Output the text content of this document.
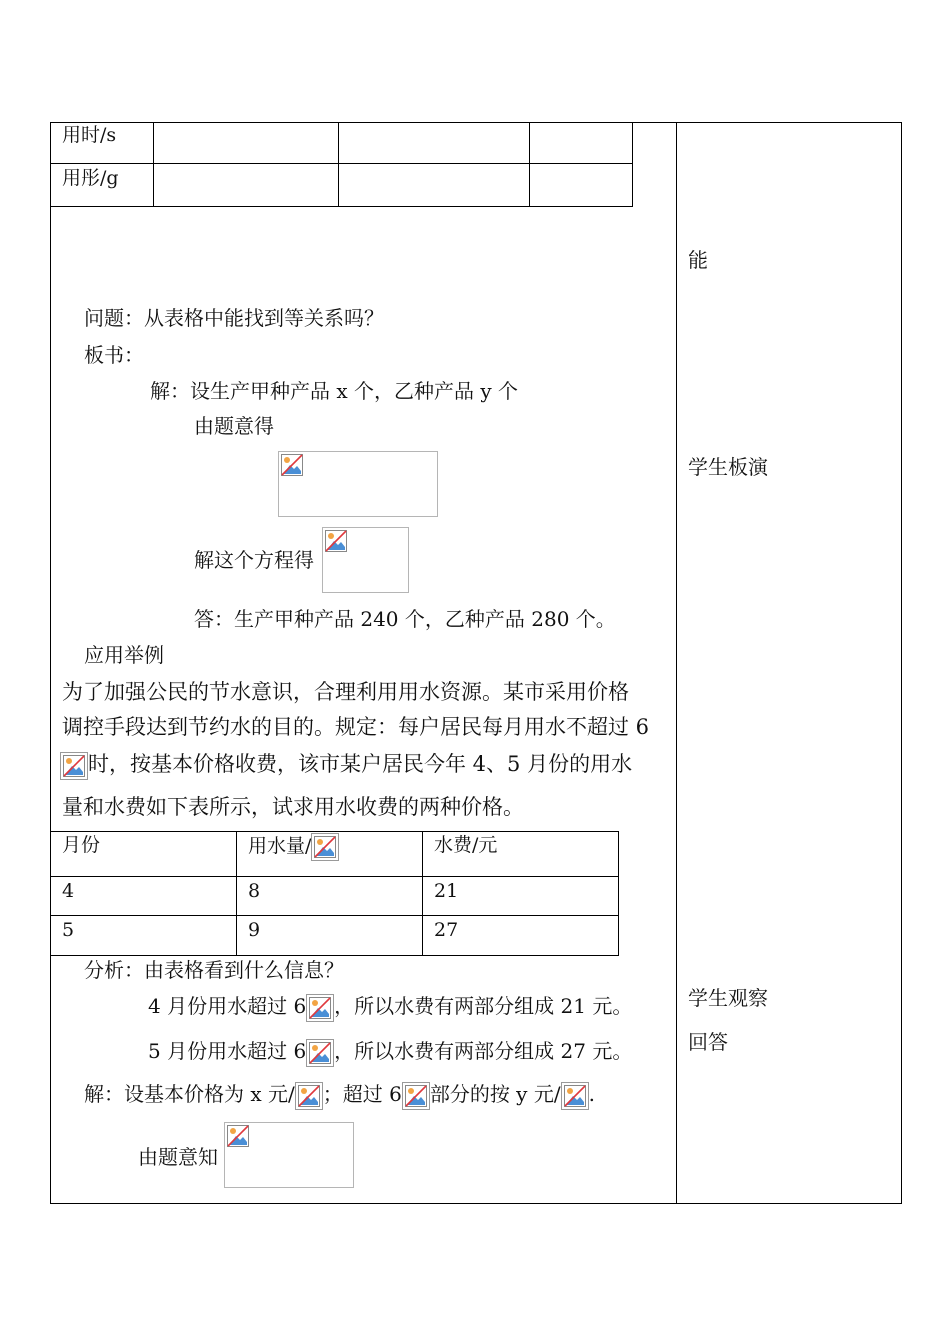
用时/s
用彤/g
能
学生板演
学生观察
回答
问题：从表格中能找到等关系吗？
板书：
解：设生产甲种产品 x 个，乙种产品 y 个
由题意得
解这个方程得
答：生产甲种产品 240 个，乙种产品 280 个。
应用举例
为了加强公民的节水意识，合理利用用水资源。某市采用价格
调控手段达到节约水的目的。规定：每户居民每月用水不超过 6
时，按基本价格收费，该市某户居民今年 4、5 月份的用水
量和水费如下表所示，试求用水收费的两种价格。
月份	用水量/	水费/元
4	8	21
5	9	27
分析：由表格看到什么信息？
4 月份用水超过 6 ，所以水费有两部分组成 21 元。
5 月份用水超过 6 ，所以水费有两部分组成 27 元。
解：设基本价格为 x 元/ ；超过 6 部分的按 y 元/ .
由题意知
